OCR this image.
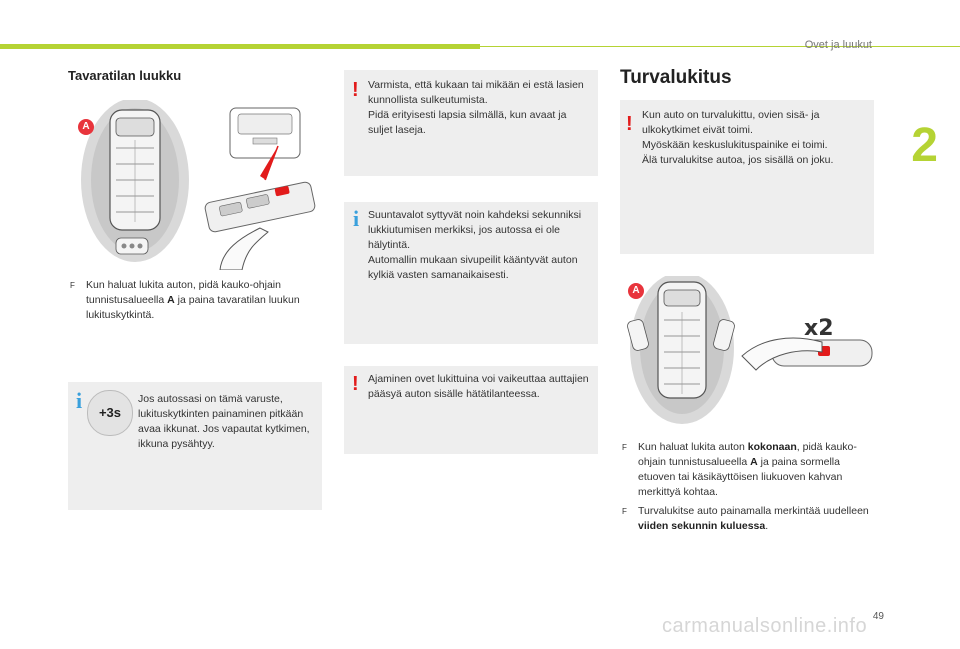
Ovet ja luukut
2
Tavaratilan luukku
A
F	Kun haluat lukita auton, pidä kauko-ohjain tunnistusalueella A ja paina tavaratilan luukun lukituskytkintä.
i	+3s
Jos autossasi on tämä varuste, lukituskytkinten painaminen pitkään avaa ikkunat. Jos vapautat kytkimen, ikkuna pysähtyy.
! Varmista, että kukaan tai mikään ei estä lasien kunnollista sulkeutumista.
Pidä erityisesti lapsia silmällä, kun avaat ja suljet laseja.
i Suuntavalot syttyvät noin kahdeksi sekunniksi lukkiutumisen merkiksi, jos autossa ei ole hälytintä.
Automallin mukaan sivupeilit kääntyvät auton kylkiä vasten samanaikaisesti.
! Ajaminen ovet lukittuina voi vaikeuttaa auttajien pääsyä auton sisälle hätätilanteessa.
Turvalukitus
! Kun auto on turvalukittu, ovien sisä- ja ulkokytkimet eivät toimi.
Myöskään keskuslukituspainike ei toimi.
Älä turvalukitse autoa, jos sisällä on joku.
A
x2
F	Kun haluat lukita auton kokonaan, pidä kauko-ohjain tunnistusalueella A ja paina sormella etuoven tai käsikäyttöisen liukuoven kahvan merkittyä kohtaa.
F	Turvalukitse auto painamalla merkintää uudelleen viiden sekunnin kuluessa.
49
carmanualsonline.info
